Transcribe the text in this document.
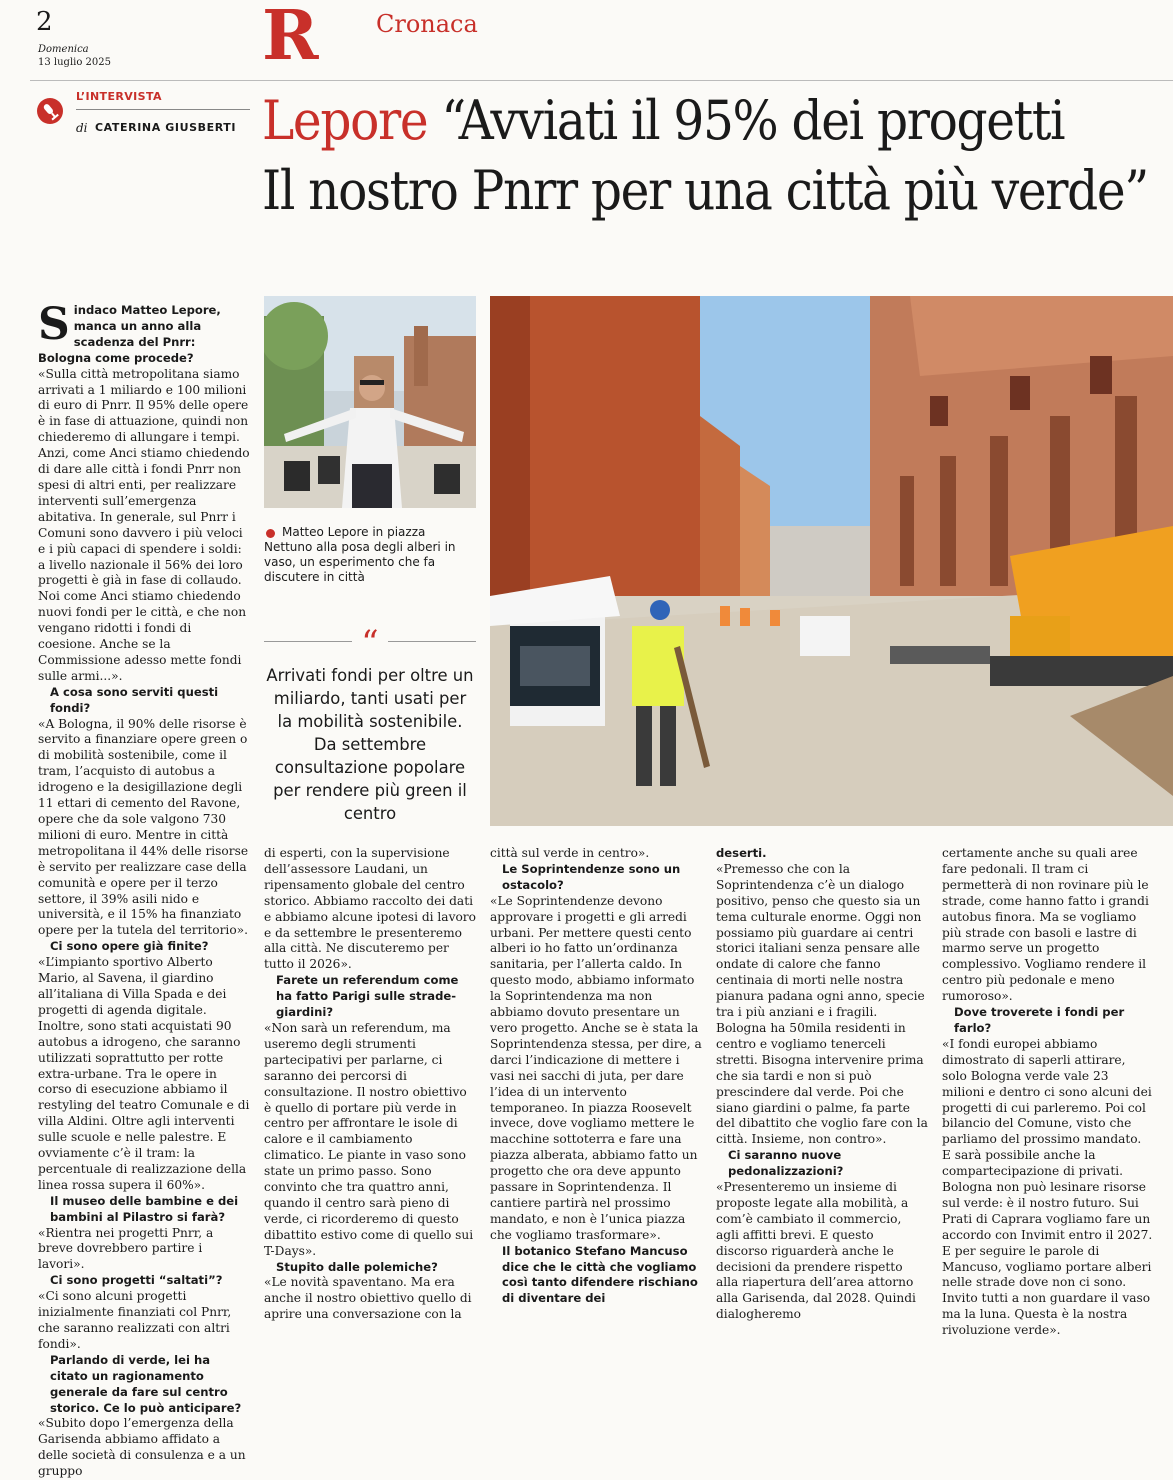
2
Domenica
13 luglio 2025 R Cronaca
L’INTERVISTA
di CATERINA GIUSBERTI Lepore “Avviati il 95% dei progetti
Il nostro Pnrr per una città più verde”

Sindaco Matteo Lepore, manca un anno alla scadenza del Pnrr: Bologna come procede?

«Sulla città metropolitana siamo arrivati a 1 miliardo e 100 milioni di euro di Pnrr. Il 95% delle opere è in fase di attuazione, quindi non chiederemo di allungare i tempi. Anzi, come Anci stiamo chiedendo di dare alle città i fondi Pnrr non spesi di altri enti, per realizzare interventi sull’emergenza abitativa. In generale, sul Pnrr i Comuni sono davvero i più veloci e i più capaci di spendere i soldi: a livello nazionale il 56% dei loro progetti è già in fase di collaudo. Noi come Anci stiamo chiedendo nuovi fondi per le città, e che non vengano ridotti i fondi di coesione. Anche se la Commissione adesso mette fondi sulle armi...».

A cosa sono serviti questi fondi?

«A Bologna, il 90% delle risorse è servito a finanziare opere green o di mobilità sostenibile, come il tram, l’acquisto di autobus a idrogeno e la desigillazione degli 11 ettari di cemento del Ravone, opere che da sole valgono 730 milioni di euro. Mentre in città metropolitana il 44% delle risorse è servito per realizzare case della comunità e opere per il terzo settore, il 39% asili nido e università, e il 15% ha finanziato opere per la tutela del territorio».

Ci sono opere già finite?

«L’impianto sportivo Alberto Mario, al Savena, il giardino all’italiana di Villa Spada e dei progetti di agenda digitale. Inoltre, sono stati acquistati 90 autobus a idrogeno, che saranno utilizzati soprattutto per rotte extra-urbane. Tra le opere in corso di esecuzione abbiamo il restyling del teatro Comunale e di villa Aldini. Oltre agli interventi sulle scuole e nelle palestre. E ovviamente c’è il tram: la percentuale di realizzazione della linea rossa supera il 60%».

Il museo delle bambine e dei bambini al Pilastro si farà?

«Rientra nei progetti Pnrr, a breve dovrebbero partire i lavori».

Ci sono progetti “saltati”?

«Ci sono alcuni progetti inizialmente finanziati col Pnrr, che saranno realizzati con altri fondi».

Parlando di verde, lei ha citato un ragionamento generale da fare sul centro storico. Ce lo può anticipare?

«Subito dopo l’emergenza della Garisenda abbiamo affidato a delle società di consulenza e a un gruppo

Matteo Lepore in piazza Nettuno alla posa degli alberi in vaso, un esperimento che fa discutere in città
“
Arrivati fondi per oltre un miliardo, tanti usati per la mobilità sostenibile. Da settembre consultazione popolare per rendere più green il centro

di esperti, con la supervisione dell’assessore Laudani, un ripensamento globale del centro storico. Abbiamo raccolto dei dati e abbiamo alcune ipotesi di lavoro e da settembre le presenteremo alla città. Ne discuteremo per tutto il 2026».

Farete un referendum come ha fatto Parigi sulle strade-giardini?

«Non sarà un referendum, ma useremo degli strumenti partecipativi per parlarne, ci saranno dei percorsi di consultazione. Il nostro obiettivo è quello di portare più verde in centro per affrontare le isole di calore e il cambiamento climatico. Le piante in vaso sono state un primo passo. Sono convinto che tra quattro anni, quando il centro sarà pieno di verde, ci ricorderemo di questo dibattito estivo come di quello sui T-Days».

Stupito dalle polemiche?

«Le novità spaventano. Ma era anche il nostro obiettivo quello di aprire una conversazione con la

città sul verde in centro».

Le Soprintendenze sono un ostacolo?

«Le Soprintendenze devono approvare i progetti e gli arredi urbani. Per mettere questi cento alberi io ho fatto un’ordinanza sanitaria, per l’allerta caldo. In questo modo, abbiamo informato la Soprintendenza ma non abbiamo dovuto presentare un vero progetto. Anche se è stata la Soprintendenza stessa, per dire, a darci l’indicazione di mettere i vasi nei sacchi di juta, per dare l’idea di un intervento temporaneo. In piazza Roosevelt invece, dove vogliamo mettere le macchine sottoterra e fare una piazza alberata, abbiamo fatto un progetto che ora deve appunto passare in Soprintendenza. Il cantiere partirà nel prossimo mandato, e non è l’unica piazza che vogliamo trasformare».

Il botanico Stefano Mancuso dice che le città che vogliamo così tanto difendere rischiano di diventare dei

deserti.

«Premesso che con la Soprintendenza c’è un dialogo positivo, penso che questo sia un tema culturale enorme. Oggi non possiamo più guardare ai centri storici italiani senza pensare alle ondate di calore che fanno centinaia di morti nelle nostra pianura padana ogni anno, specie tra i più anziani e i fragili. Bologna ha 50mila residenti in centro e vogliamo tenerceli stretti. Bisogna intervenire prima che sia tardi e non si può prescindere dal verde. Poi che siano giardini o palme, fa parte del dibattito che voglio fare con la città. Insieme, non contro».

Ci saranno nuove pedonalizzazioni?

«Presenteremo un insieme di proposte legate alla mobilità, a com’è cambiato il commercio, agli affitti brevi. E questo discorso riguarderà anche le decisioni da prendere rispetto alla riapertura dell’area attorno alla Garisenda, dal 2028. Quindi dialogheremo

certamente anche su quali aree fare pedonali. Il tram ci permetterà di non rovinare più le strade, come hanno fatto i grandi autobus finora. Ma se vogliamo più strade con basoli e lastre di marmo serve un progetto complessivo. Vogliamo rendere il centro più pedonale e meno rumoroso».

Dove troverete i fondi per farlo?

«I fondi europei abbiamo dimostrato di saperli attirare, solo Bologna verde vale 23 milioni e dentro ci sono alcuni dei progetti di cui parleremo. Poi col bilancio del Comune, visto che parliamo del prossimo mandato. E sarà possibile anche la compartecipazione di privati. Bologna non può lesinare risorse sul verde: è il nostro futuro. Sui Prati di Caprara vogliamo fare un accordo con Invimit entro il 2027. E per seguire le parole di Mancuso, vogliamo portare alberi nelle strade dove non ci sono. Invito tutti a non guardare il vaso ma la luna. Questa è la nostra rivoluzione verde».
